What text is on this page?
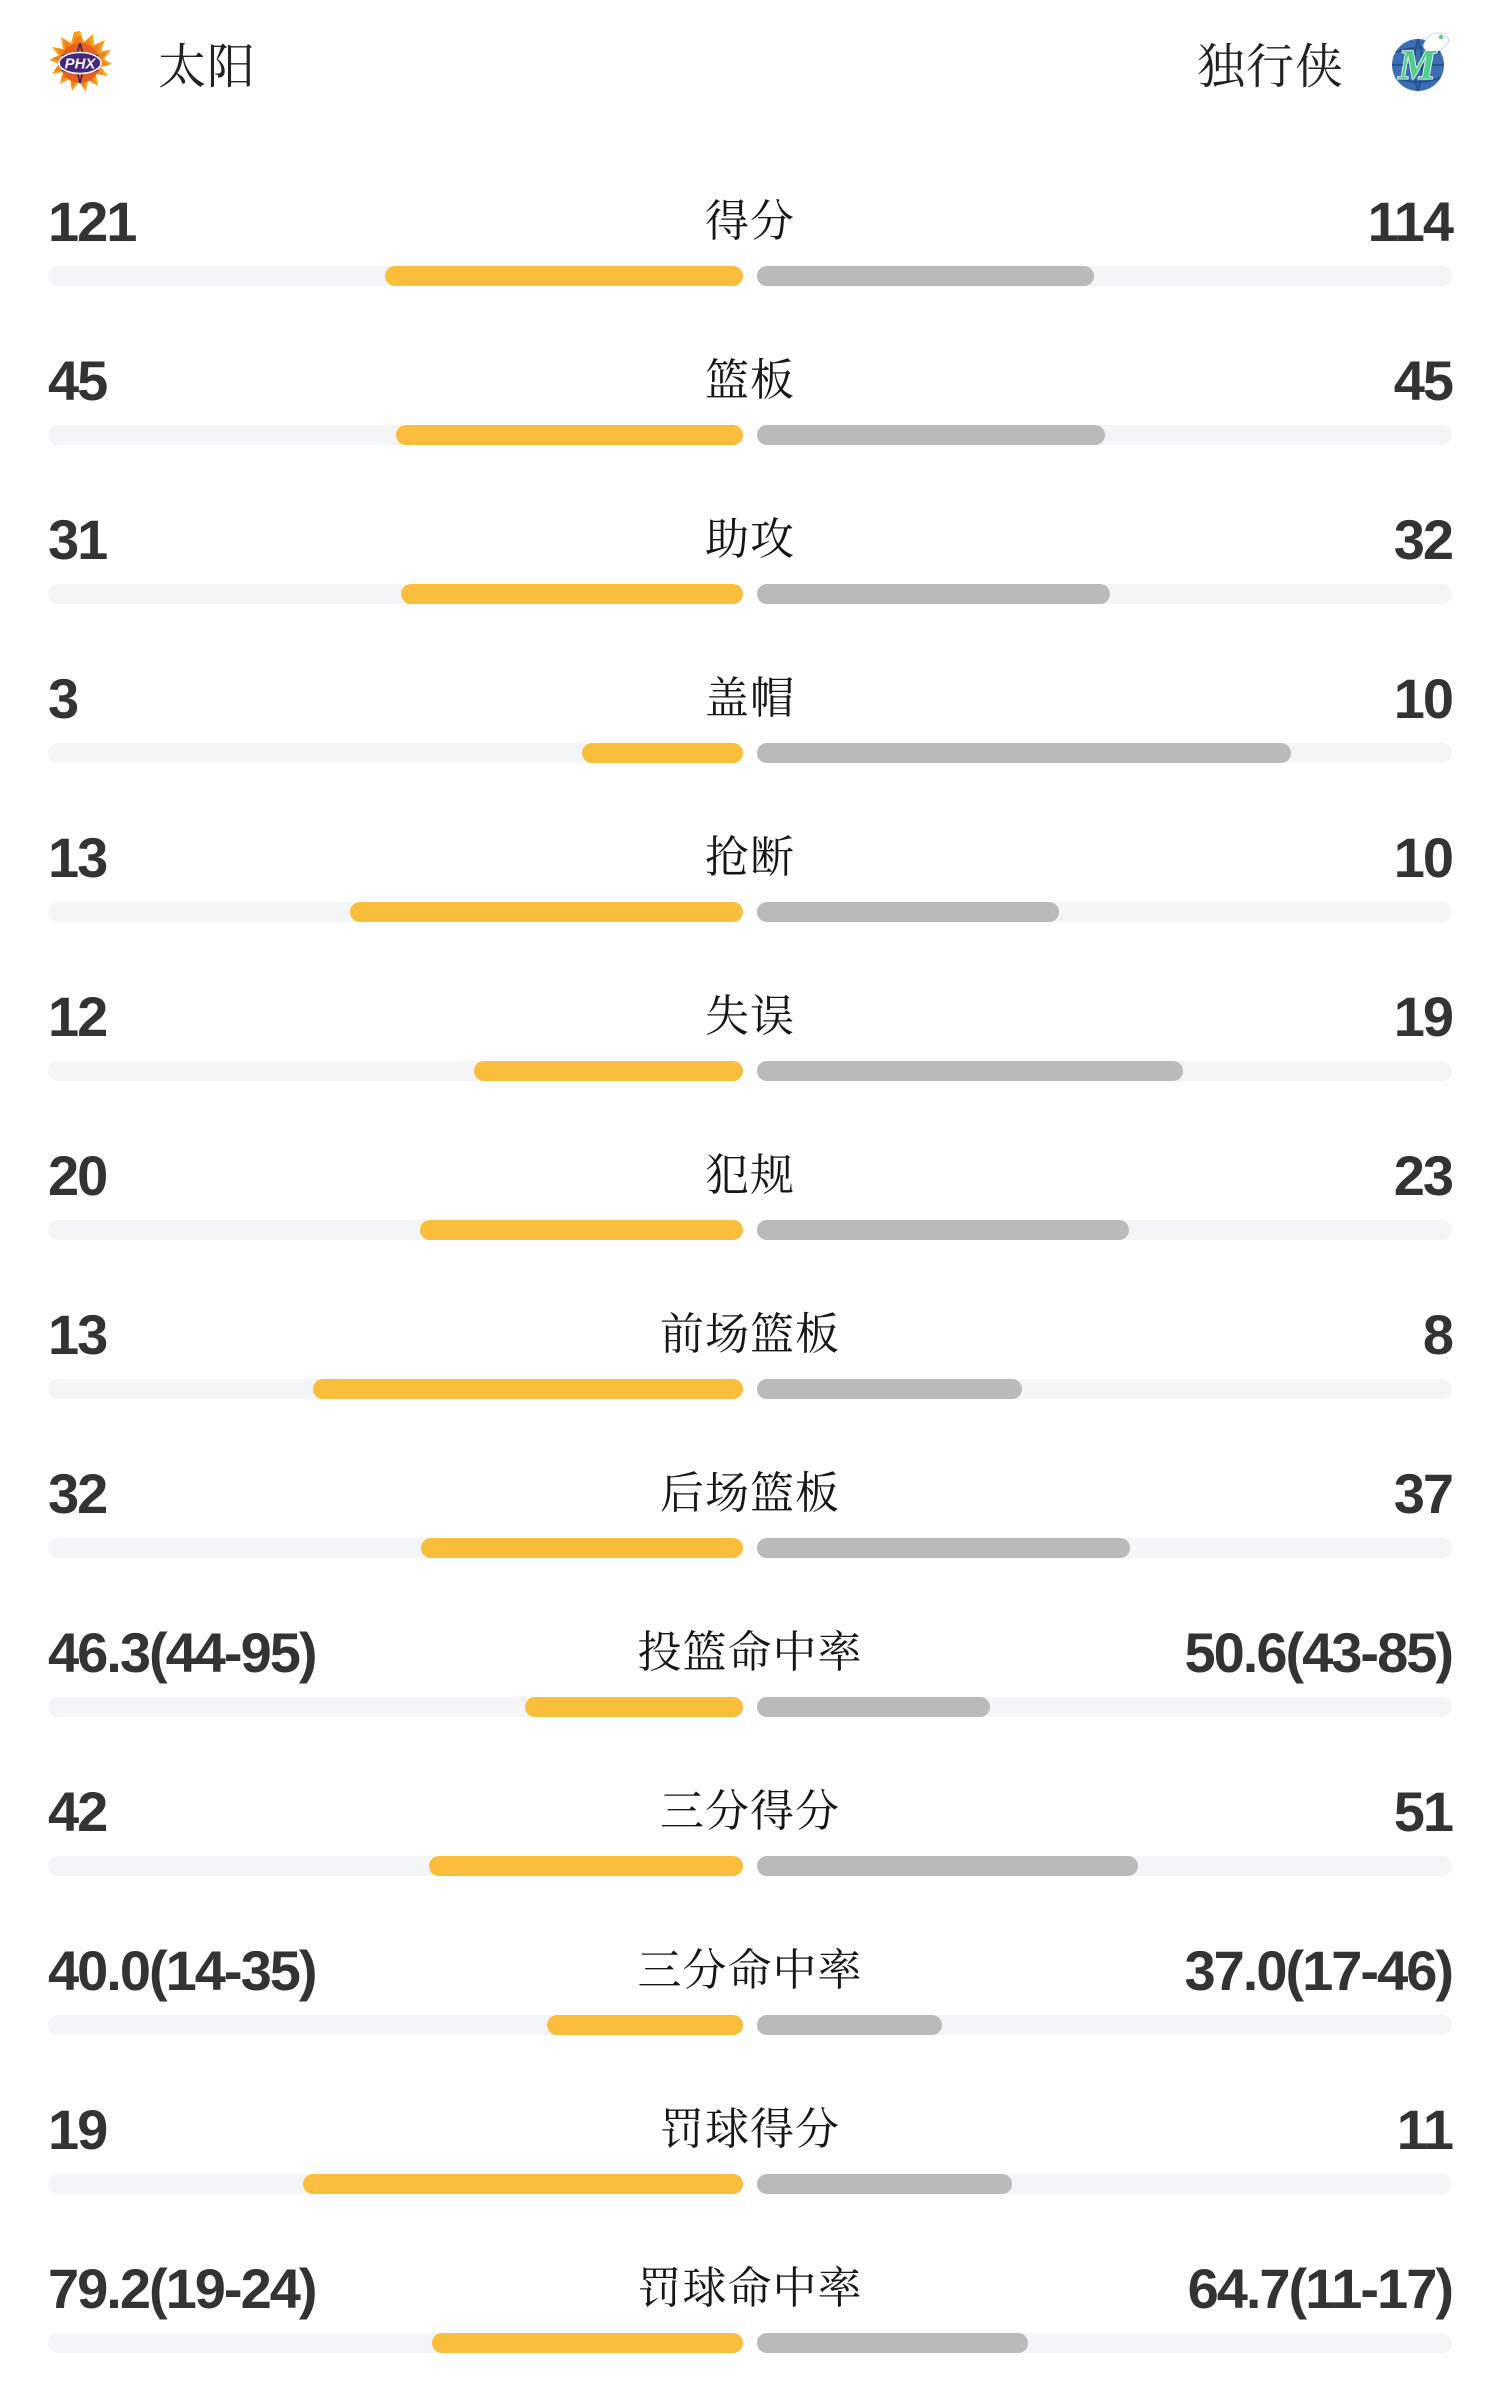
PHX 太阳	独行侠 M
121	得分	114
45	篮板	45
31	助攻	32
3	盖帽	10
13	抢断	10
12	失误	19
20	犯规	23
13	前场篮板	8
32	后场篮板	37
46.3(44-95)	投篮命中率	50.6(43-85)
42	三分得分	51
40.0(14-35)	三分命中率	37.0(17-46)
19	罚球得分	11
79.2(19-24)	罚球命中率	64.7(11-17)
